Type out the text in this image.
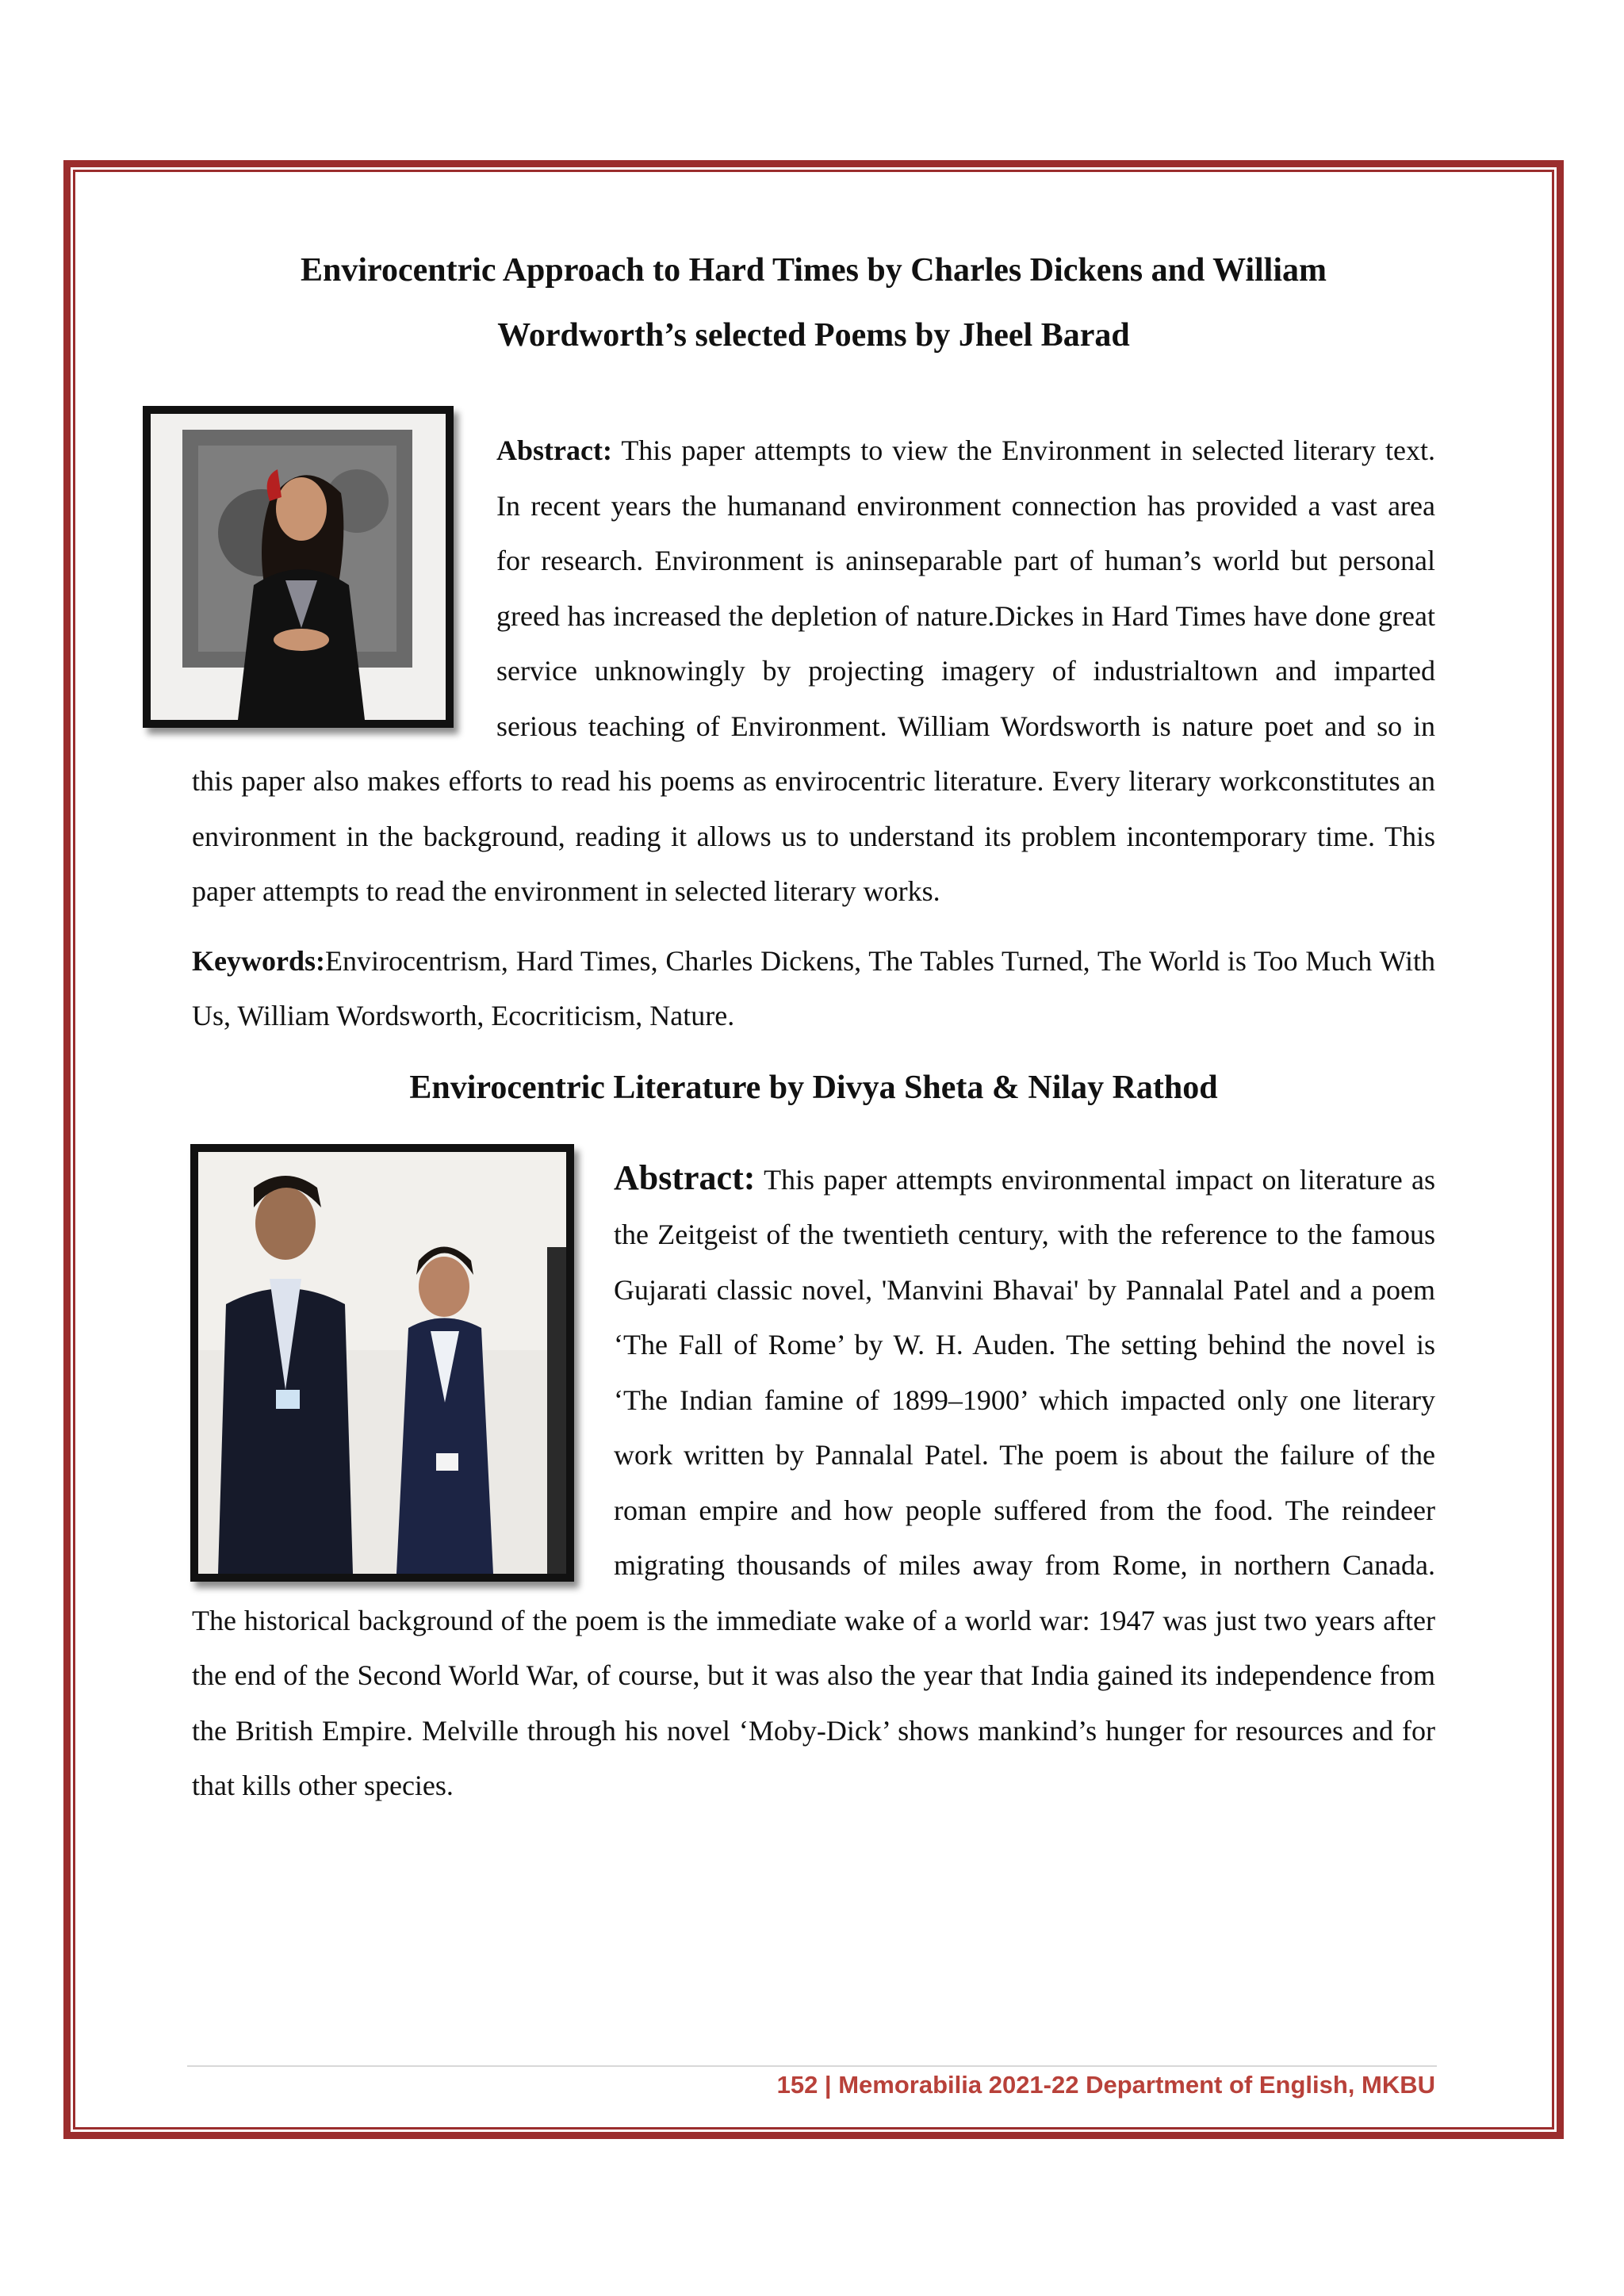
Envirocentric Approach to Hard Times by Charles Dickens and William
Wordworth’s selected Poems by Jheel Barad

Abstract: This paper attempts to view the Environment in selected literary text. In recent years the humanand environment connection has provided a vast area for research. Environment is aninseparable part of human’s world but personal greed has increased the depletion of nature.Dickes in Hard Times have done great service unknowingly by projecting imagery of industrialtown and imparted serious teaching of Environment. William Wordsworth is nature poet and so in this paper also makes efforts to read his poems as envirocentric literature. Every literary workconstitutes an environment in the background, reading it allows us to understand its problem incontemporary time. This paper attempts to read the environment in selected literary works.

Keywords:Envirocentrism, Hard Times, Charles Dickens, The Tables Turned, The World is Too Much With Us, William Wordsworth, Ecocriticism, Nature.

Envirocentric Literature by Divya Sheta & Nilay Rathod

Abstract: This paper attempts environmental impact on literature as the Zeitgeist of the twentieth century, with the reference to the famous Gujarati classic novel, 'Manvini Bhavai' by Pannalal Patel and a poem ‘The Fall of Rome’ by W. H. Auden. The setting behind the novel is ‘The Indian famine of 1899–1900’ which impacted only one literary work written by Pannalal Patel. The poem is about the failure of the roman empire and how people suffered from the food. The reindeer migrating thousands of miles away from Rome, in northern Canada. The historical background of the poem is the immediate wake of a world war: 1947 was just two years after the end of the Second World War, of course, but it was also the year that India gained its independence from the British Empire. Melville through his novel ‘Moby-Dick’ shows mankind’s hunger for resources and for that kills other species.

152 | Memorabilia 2021-22 Department of English, MKBU
